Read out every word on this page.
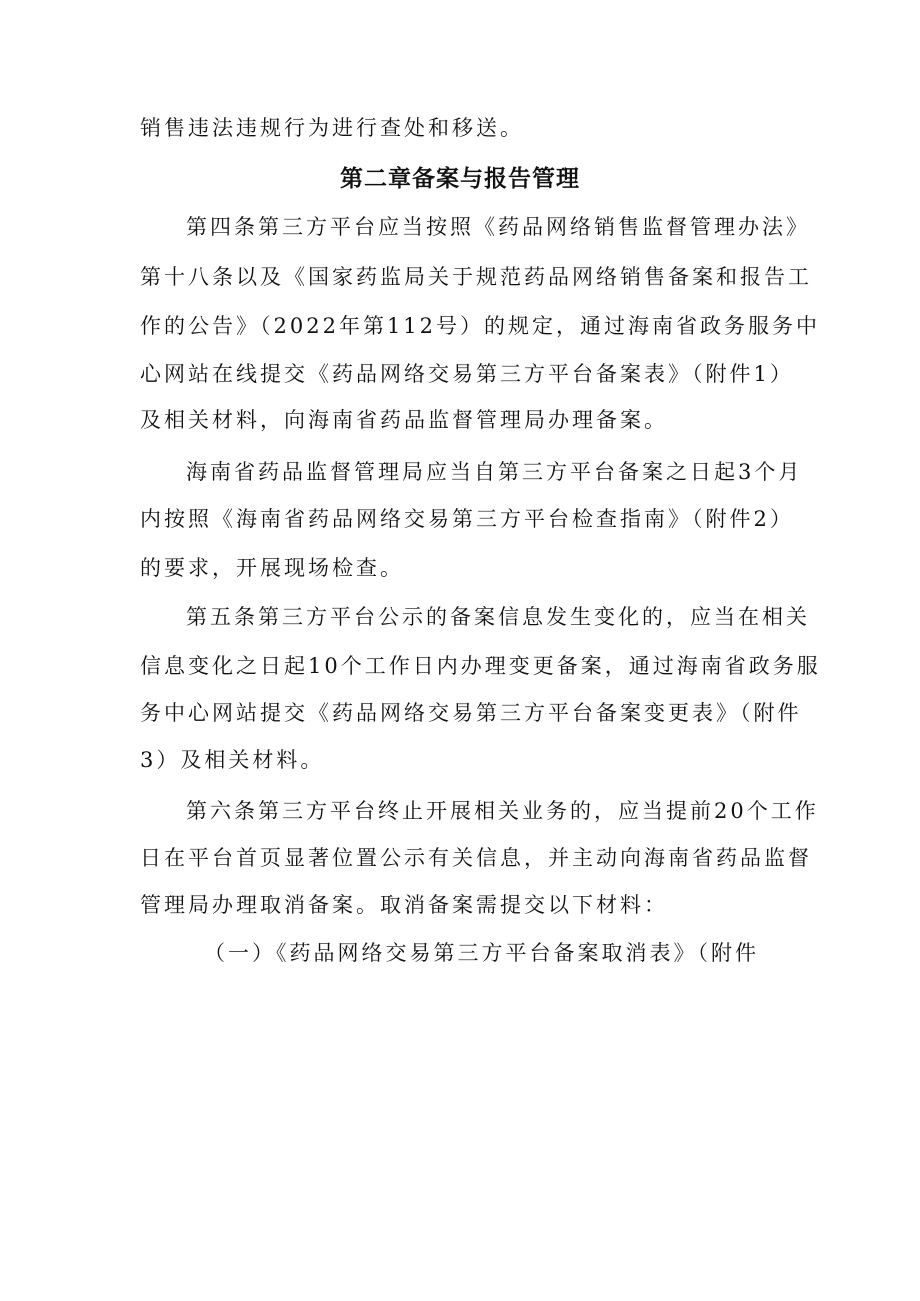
销售违法违规行为进行查处和移送。
第二章备案与报告管理
第四条第三方平台应当按照《药品网络销售监督管理办法》
第十八条以及《国家药监局关于规范药品网络销售备案和报告工
作的公告》（2022年第112号）的规定，通过海南省政务服务中
心网站在线提交《药品网络交易第三方平台备案表》（附件1）
及相关材料，向海南省药品监督管理局办理备案。
海南省药品监督管理局应当自第三方平台备案之日起3个月
内按照《海南省药品网络交易第三方平台检查指南》（附件2）
的要求，开展现场检查。
第五条第三方平台公示的备案信息发生变化的，应当在相关
信息变化之日起10个工作日内办理变更备案，通过海南省政务服
务中心网站提交《药品网络交易第三方平台备案变更表》（附件
3）及相关材料。
第六条第三方平台终止开展相关业务的，应当提前20个工作
日在平台首页显著位置公示有关信息，并主动向海南省药品监督
管理局办理取消备案。取消备案需提交以下材料：
（一）《药品网络交易第三方平台备案取消表》（附件
